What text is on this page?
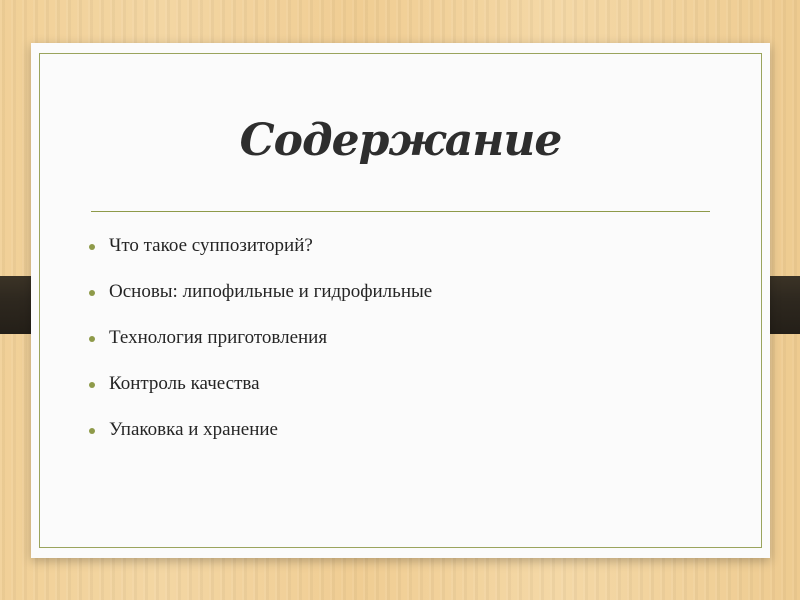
Содержание
Что такое суппозиторий?
Основы: липофильные и гидрофильные
Технология приготовления
Контроль качества
Упаковка и хранение
